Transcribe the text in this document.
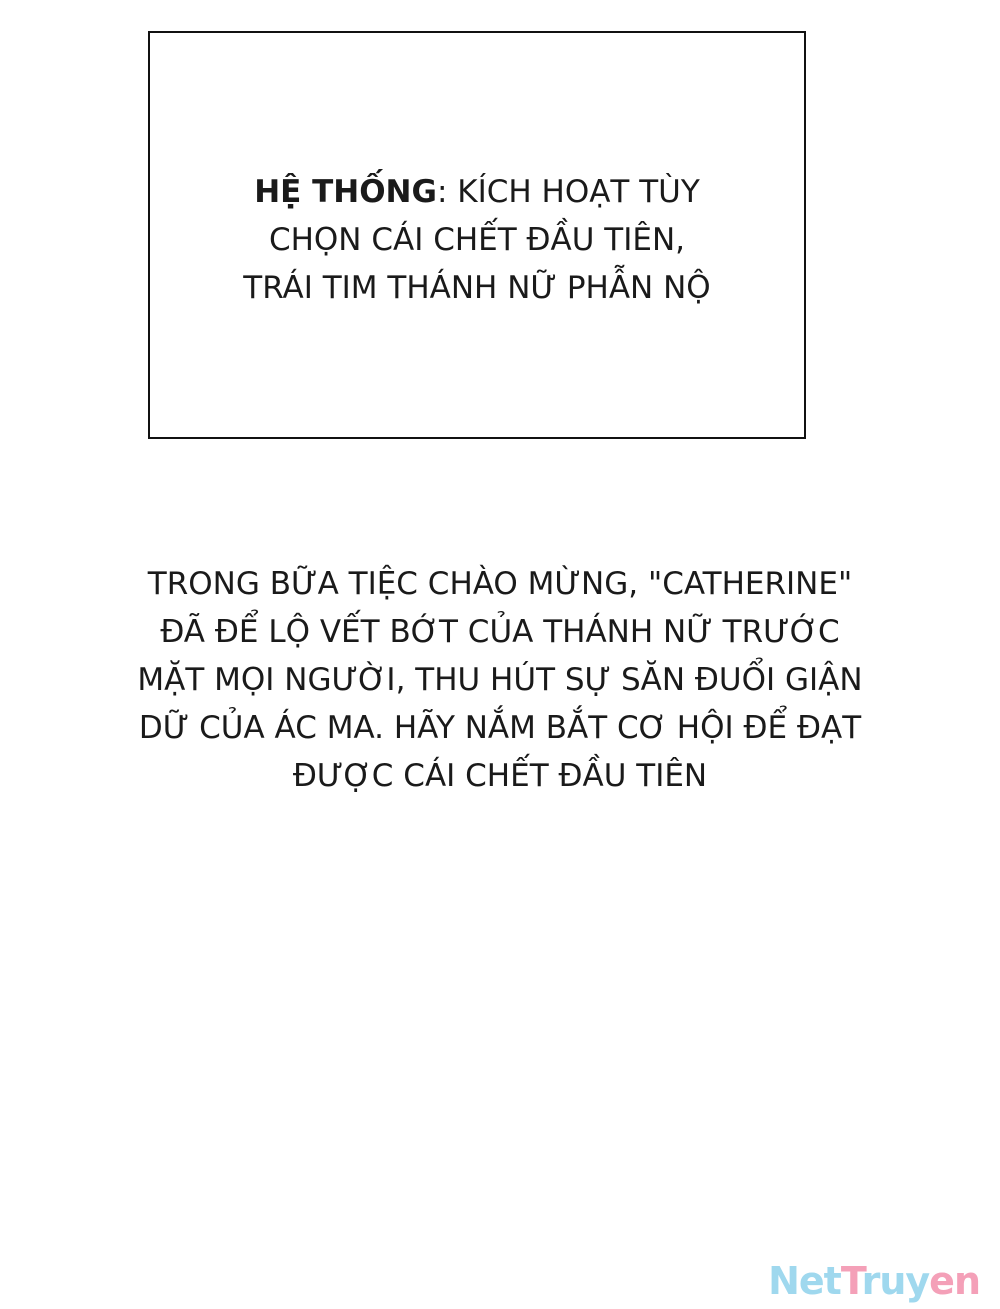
HỆ THỐNG: KÍCH HOẠT TÙY
CHỌN CÁI CHẾT ĐẦU TIÊN,
TRÁI TIM THÁNH NỮ PHẪN NỘ
TRONG BỮA TIỆC CHÀO MỪNG, "CATHERINE"
ĐÃ ĐỂ LỘ VẾT BỚT CỦA THÁNH NỮ TRƯỚC
MẶT MỌI NGƯỜI, THU HÚT SỰ SĂN ĐUỔI GIẬN
DỮ CỦA ÁC MA. HÃY NẮM BẮT CƠ HỘI ĐỂ ĐẠT
ĐƯỢC CÁI CHẾT ĐẦU TIÊN
NetTruyen
